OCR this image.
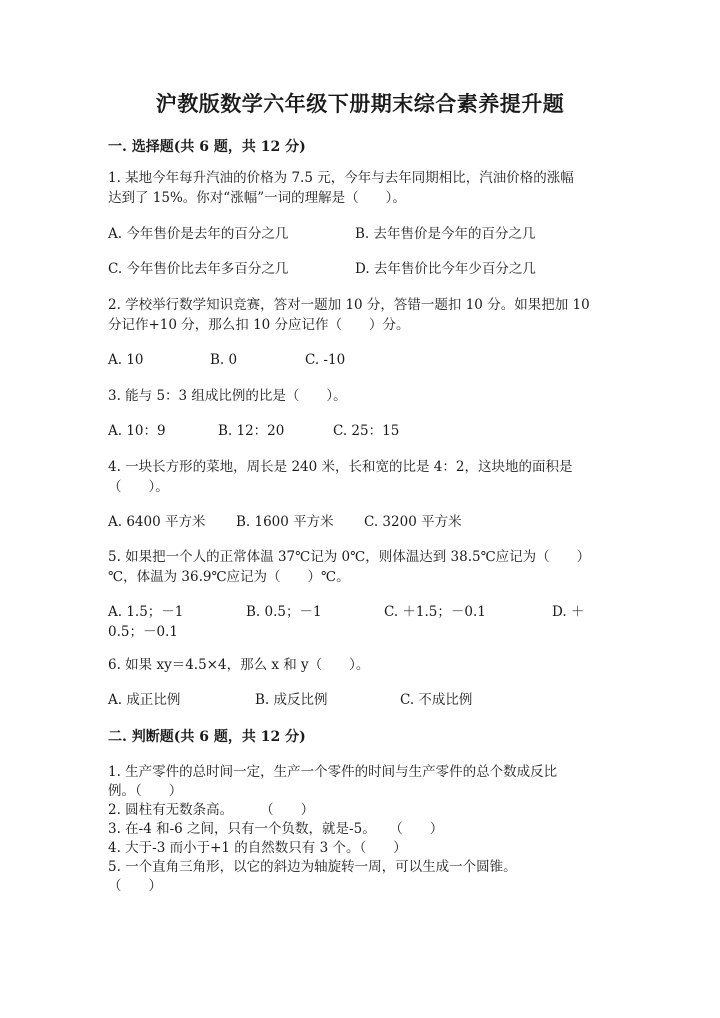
沪教版数学六年级下册期末综合素养提升题
一. 选择题(共 6 题，共 12 分)
1. 某地今年每升汽油的价格为 7.5 元，今年与去年同期相比，汽油价格的涨幅
达到了 15%。你对“涨幅”一词的理解是（　　）。
A. 今年售价是去年的百分之几	B. 去年售价是今年的百分之几
C. 今年售价比去年多百分之几	D. 去年售价比今年少百分之几
2. 学校举行数学知识竞赛，答对一题加 10 分，答错一题扣 10 分。如果把加 10
分记作+10 分，那么扣 10 分应记作（　　）分。
A. 10	B. 0	C. -10
3. 能与 5：3 组成比例的比是（　　）。
A. 10：9	B. 12：20	C. 25：15
4. 一块长方形的菜地，周长是 240 米，长和宽的比是 4：2，这块地的面积是
（　　）。
A. 6400 平方米 B. 1600 平方米 C. 3200 平方米
5. 如果把一个人的正常体温 37℃记为 0℃，则体温达到 38.5℃应记为（　　）
℃，体温为 36.9℃应记为（　　）℃。
A. 1.5；－1	B. 0.5；－1	C. ＋1.5；－0.1	D. ＋
0.5；－0.1
6. 如果 xy＝4.5×4，那么 x 和 y（　　）。
A. 成正比例	B. 成反比例	C. 不成比例
二. 判断题(共 6 题，共 12 分)
1. 生产零件的总时间一定，生产一个零件的时间与生产零件的总个数成反比
例。（　　）
2. 圆柱有无数条高。　　　（　　）
3. 在-4 和-6 之间，只有一个负数，就是-5。　　（　　）
4. 大于-3 而小于+1 的自然数只有 3 个。（　　）
5. 一个直角三角形，以它的斜边为轴旋转一周，可以生成一个圆锥。
（　　）
